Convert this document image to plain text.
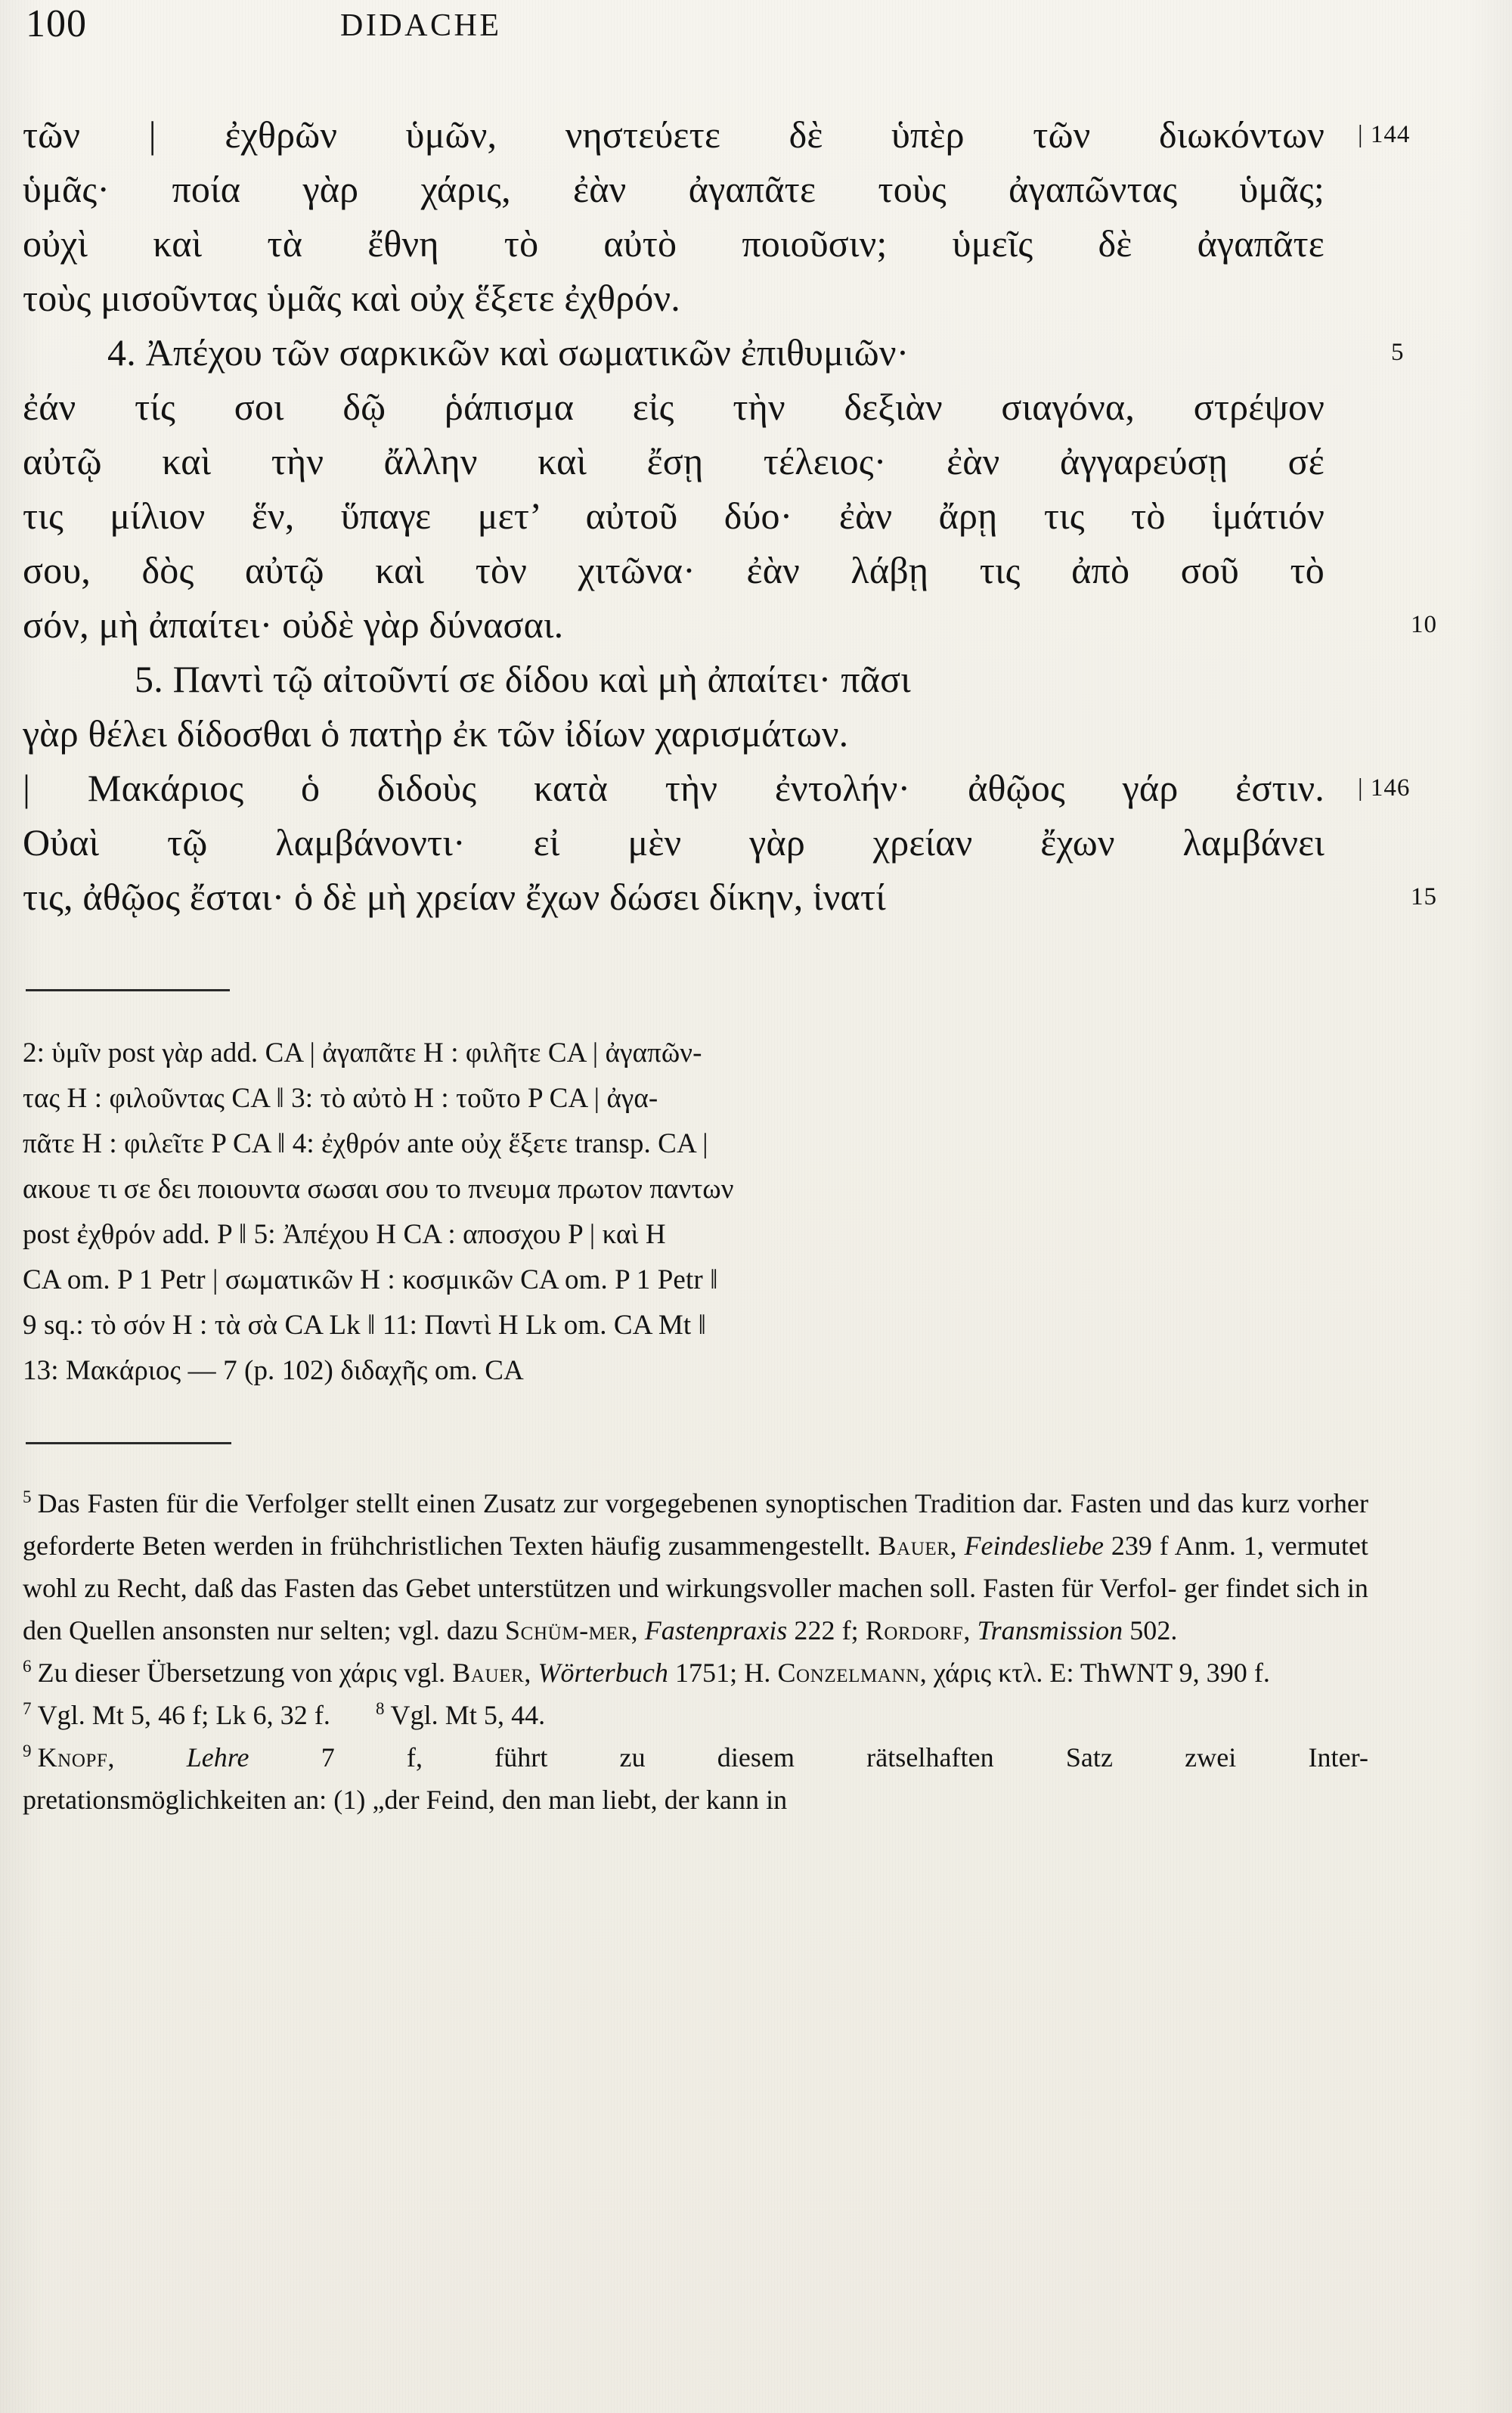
100	DIDACHE
τῶν | ἐχθρῶν ὑμῶν, νηστεύετε δὲ ὑπὲρ τῶν διωκόντων | 144
ὑμᾶς· ποία γὰρ χάρις, ἐὰν ἀγαπᾶτε τοὺς ἀγαπῶντας ὑμᾶς;
οὐχὶ καὶ τὰ ἔθνη τὸ αὐτὸ ποιοῦσιν; ὑμεῖς δὲ ἀγαπᾶτε
τοὺς μισοῦντας ὑμᾶς καὶ οὐχ ἕξετε ἐχθρόν.
4. Ἀπέχου τῶν σαρκικῶν καὶ σωματικῶν ἐπιθυμιῶν·	5
ἐάν τίς σοι δῷ ῥάπισμα εἰς τὴν δεξιὰν σιαγόνα, στρέψον
αὐτῷ καὶ τὴν ἄλλην καὶ ἔσῃ τέλειος· ἐὰν ἀγγαρεύσῃ σέ
τις μίλιον ἕν, ὕπαγε μετ’ αὐτοῦ δύο· ἐὰν ἄρῃ τις τὸ ἱμάτιόν
σου, δὸς αὐτῷ καὶ τὸν χιτῶνα· ἐὰν λάβῃ τις ἀπὸ σοῦ τὸ
σόν, μὴ ἀπαίτει· οὐδὲ γὰρ δύνασαι.	10
5. Παντὶ τῷ αἰτοῦντί σε δίδου καὶ μὴ ἀπαίτει· πᾶσι
γὰρ θέλει δίδοσθαι ὁ πατὴρ ἐκ τῶν ἰδίων χαρισμάτων.
| Μακάριος ὁ διδοὺς κατὰ τὴν ἐντολήν· ἀθῷος γάρ ἐστιν. | 146
Οὐαὶ τῷ λαμβάνοντι· εἰ μὲν γὰρ χρείαν ἔχων λαμβάνει
τις, ἀθῷος ἔσται· ὁ δὲ μὴ χρείαν ἔχων δώσει δίκην, ἱνατί	15
2: ὑμῖν post γὰρ add. CA | ἀγαπᾶτε H : φιλῆτε CA | ἀγαπῶν-
τας H : φιλοῦντας CA ‖ 3: τὸ αὐτὸ H : τοῦτο P CA | ἀγα-
πᾶτε H : φιλεῖτε P CA ‖ 4: ἐχθρόν ante οὐχ ἕξετε transp. CA |
ακουε τι σε δει ποιουντα σωσαι σου το πνευμα πρωτον παντων
post ἐχθρόν add. P ‖ 5: Ἀπέχου H CA : αποσχου P | καὶ H
CA om. P 1 Petr | σωματικῶν H : κοσμικῶν CA om. P 1 Petr ‖
9 sq.: τὸ σόν H : τὰ σὰ CA Lk ‖ 11: Παντὶ H Lk om. CA Mt ‖
13: Μακάριος — 7 (p. 102) διδαχῆς om. CA
$^5$ Das Fasten für die Verfolger stellt einen Zusatz zur vorgegebenen synoptischen Tradition dar. Fasten und das kurz vorher geforderte Beten werden in frühchristlichen Texten häufig zusammengestellt. Bauer, Feindesliebe 239 f Anm. 1, vermutet wohl zu Recht, daß das Fasten das Gebet unterstützen und wirkungsvoller machen soll. Fasten für Verfol- ger findet sich in den Quellen ansonsten nur selten; vgl. dazu Schüm-mer, Fastenpraxis 222 f; Rordorf, Transmission 502.
$^6$ Zu dieser Übersetzung von χάρις vgl. Bauer, Wörterbuch 1751; H. Conzelmann, χάρις κτλ. E: ThWNT 9, 390 f.
$^7$ Vgl. Mt 5, 46 f; Lk 6, 32 f.	$^8$ Vgl. Mt 5, 44.
$^9$ Knopf, Lehre 7 f, führt zu diesem rätselhaften Satz zwei Inter-
pretationsmöglichkeiten an: (1) „der Feind, den man liebt, der kann in
